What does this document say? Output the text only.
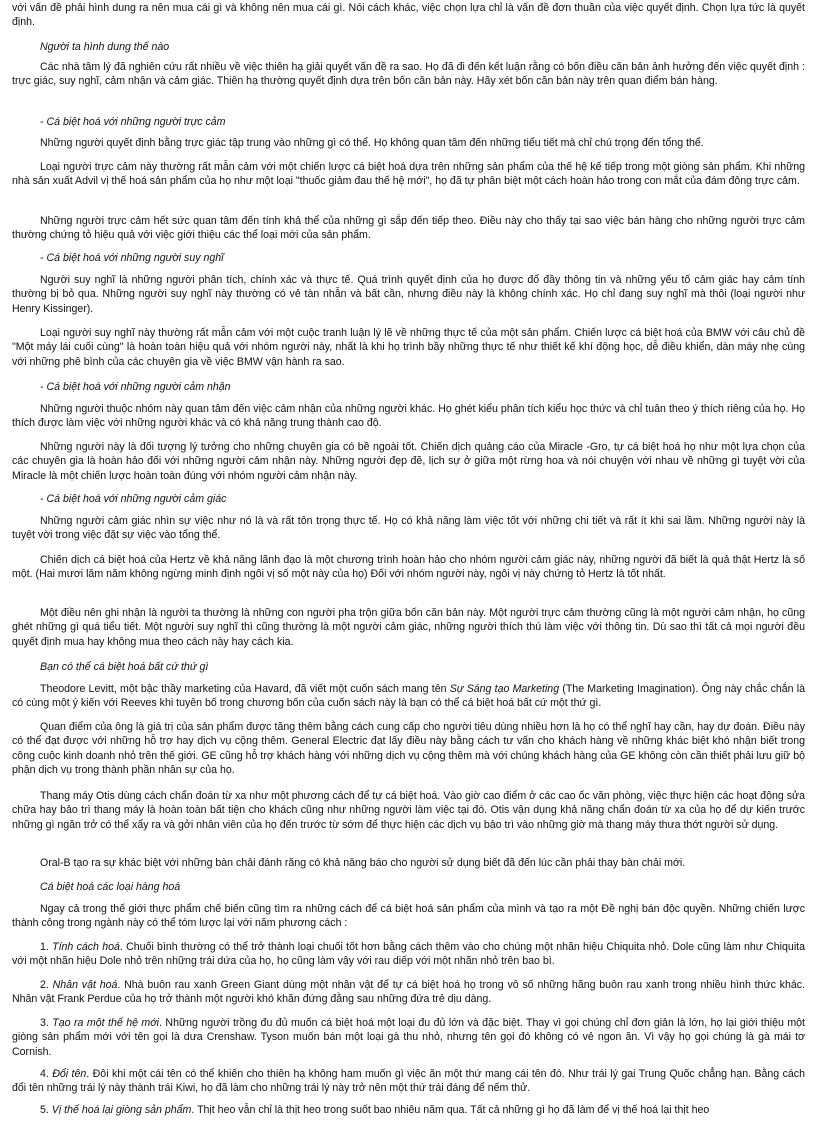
với vấn đề phải hình dung ra nên mua cái gì và không nên mua cái gì. Nói cách khác, việc chọn lựa chỉ là vấn đề đơn thuần của việc quyết định. Chọn lựa tức là quyết định.

Người ta hình dung thế nào

Các nhà tâm lý đã nghiên cứu rất nhiều về việc thiên hạ giải quyết vấn đề ra sao. Họ đã đi đến kết luận rằng có bốn điều căn bản ảnh hưởng đến việc quyết định : trực giác, suy nghĩ, cảm nhận và cảm giác. Thiên hạ thường quyết định dựa trên bốn căn bản này. Hãy xét bốn căn bản này trên quan điểm bán hàng.

- Cá biệt hoá với những người trực cảm

Những người quyết định bằng trực giác tập trung vào những gì có thể. Họ không quan tâm đến những tiểu tiết mà chỉ chú trọng đến tổng thể.

Loại người trực cảm này thường rất mẫn cảm với một chiến lược cá biệt hoá dựa trên những sản phẩm của thế hệ kế tiếp trong một giòng sản phẩm. Khi những nhà sản xuất Advil vị thế hoá sản phẩm của họ như một loại "thuốc giảm đau thế hệ mới", họ đã tự phân biệt một cách hoàn hảo trong con mắt của đám đông trực cảm.

Những người trực cảm hết sức quan tâm đến tính khả thể của những gì sắp đến tiếp theo. Điều này cho thấy tại sao việc bán hàng cho những người trực cảm thường chứng tỏ hiệu quả với việc giới thiệu các thể loại mới của sản phẩm.

- Cá biệt hoá với những người suy nghĩ

Người suy nghĩ là những người phân tích, chính xác và thực tế. Quá trình quyết định của họ được đổ đầy thông tin và những yếu tố cảm giác hay cảm tính thường bị bỏ qua. Những người suy nghĩ này thường có vẻ tàn nhẫn và bất cần, nhưng điều này là không chính xác. Họ chỉ đang suy nghĩ mà thôi (loại người như Henry Kissinger).

Loại người suy nghĩ này thường rất mẫn cảm với một cuộc tranh luận lý lẽ về những thực tế của một sản phẩm. Chiến lược cá biệt hoá của BMW với câu chủ đề "Một máy lái cuối cùng" là hoàn toàn hiệu quả với nhóm người này, nhất là khi họ trình bầy những thực tế như thiết kế khí động học, dễ điều khiển, dàn máy nhẹ cùng với những phê bình của các chuyên gia về việc BMW vận hành ra sao.

- Cá biệt hoá với những người cảm nhận

Những người thuộc nhóm này quan tâm đến việc cảm nhận của những người khác. Họ ghét kiểu phân tích kiểu học thức và chỉ tuân theo ý thích riêng của họ. Họ thích được làm việc với những người khác và có khả năng trung thành cao độ.

Những người này là đối tượng lý tưởng cho những chuyên gia có bề ngoài tốt. Chiến dịch quảng cáo của Miracle -Gro, tự cá biệt hoá họ như một lựa chọn của các chuyên gia là hoàn hảo đối với những người cảm nhận này. Những người đẹp đẽ, lịch sự ở giữa một rừng hoa và nói chuyện với nhau về những gì tuyệt vời của Miracle là một chiến lược hoàn toàn đúng với nhóm người cảm nhận này.

- Cá biệt hoá với những người cảm giác

Những người cảm giác nhìn sự việc như nó là và rất tôn trọng thực tế. Họ có khả năng làm việc tốt với những chi tiết và rất ít khi sai lầm. Những người này là tuyệt vời trong việc đặt sự việc vào tổng thể.

Chiến dịch cá biệt hoá của Hertz về khả năng lãnh đạo là một chương trình hoàn hảo cho nhóm người cảm giác này, những người đã biết là quả thật Hertz là số một. (Hai mươi lăm năm không ngừng minh định ngôi vị số một này của họ) Đối với nhóm người này, ngôi vị này chứng tỏ Hertz là tốt nhất.

Một điều nên ghi nhận là người ta thường là những con người pha trộn giữa bốn căn bản này. Một người trực cảm thường cũng là một người cảm nhận, họ cũng ghét những gì quá tiểu tiết. Một người suy nghĩ thì cũng thường là một người cảm giác, những người thích thú làm việc với thông tin. Dù sao thì tất cả mọi người đều quyết định mua hay không mua theo cách này hay cách kia.

Bạn có thể cá biệt hoá bất cứ thứ gì

Theodore Levitt, một bậc thầy marketing của Havard, đã viết một cuốn sách mang tên Sự Sáng tạo Marketing (The Marketing Imagination). Ông này chắc chắn là có cùng một ý kiến với Reeves khi tuyên bố trong chương bốn của cuốn sách này là bạn có thể cá biệt hoá bất cứ một thứ gì.

Quan điểm của ông là giá trị của sản phẩm được tăng thêm bằng cách cung cấp cho người tiêu dùng nhiều hơn là họ có thể nghĩ hay cần, hay dự đoán. Điều này có thể đạt được với những hỗ trợ hay dịch vụ cộng thêm. General Electric đạt lấy điều này bằng cách tư vấn cho khách hàng về những khác biệt khó nhận biết trong công cuộc kinh doanh nhỏ trên thế giới. GE cũng hỗ trợ khách hàng với những dịch vụ cộng thêm mà với chúng khách hàng của GE không còn cần thiết phải lưu giữ bộ phận dịch vụ trong thành phần nhân sự của họ.

Thang máy Otis dùng cách chẩn đoán từ xa như một phương cách để tự cá biệt hoá. Vào giờ cao điểm ở các cao ốc văn phòng, việc thực hiện các hoạt động sửa chữa hay bảo trì thang máy là hoàn toàn bất tiện cho khách cũng như những người làm việc tại đó. Otis vận dụng khả năng chẩn đoán từ xa của họ để dự kiến trước những gì ngăn trở có thể xẩy ra và gởi nhân viên của họ đến trước từ sớm để thực hiện các dịch vụ bảo trì vào những giờ mà thang máy thưa thớt người sử dụng.

Oral-B tạo ra sự khác biệt với những bàn chải đánh răng có khả năng báo cho người sử dụng biết đã đến lúc cần phải thay bàn chải mới.

Cá biệt hoá các loại hàng hoá

Ngay cả trong thế giới thực phẩm chế biến cũng tìm ra những cách để cá biệt hoá sản phẩm của mình và tạo ra một Đề nghị bán độc quyền. Những chiến lược thành công trong ngành này có thể tóm lược lại với năm phương cách :

1. Tính cách hoá. Chuối bình thường có thể trở thành loại chuối tốt hơn bằng cách thêm vào cho chúng một nhãn hiệu Chiquita nhỏ. Dole cũng làm như Chiquita với một nhãn hiệu Dole nhỏ trên những trái dứa của họ, họ cũng làm vậy với rau diếp với một nhãn nhỏ trên bao bì.

2. Nhân vật hoá. Nhà buôn rau xanh Green Giant dùng một nhân vật để tự cá biệt hoá họ trong vô số những hãng buôn rau xanh trong nhiều hình thức khác. Nhân vật Frank Perdue của họ trở thành một người khó khăn đứng đằng sau những đứa trẻ dịu dàng.

3. Tạo ra một thế hệ mới. Những người trồng đu đủ muốn cá biệt hoá một loại đu đủ lớn và đặc biệt. Thay vì gọi chúng chỉ đơn giản là lớn, họ lại giới thiệu một giòng sản phẩm mới với tên gọi là dưa Crenshaw. Tyson muốn bán một loại gà thu nhỏ, nhưng tên gọi đó không có vẻ ngon ăn. Vì vậy họ gọi chúng là gà mái tơ Cornish.

4. Đổi tên. Đôi khi một cái tên có thể khiến cho thiên hạ không ham muốn gì việc ăn một thứ mang cái tên đó. Như trái lý gai Trung Quốc chẳng hạn. Bằng cách đổi tên những trái lý này thành trái Kiwi, họ đã làm cho những trái lý này trở nên một thứ trái đáng để nếm thử.

5. Vị thế hoá lại giòng sản phẩm. Thịt heo vẫn chỉ là thịt heo trong suốt bao nhiêu năm qua. Tất cả những gì họ đã làm để vị thế hoá lại thịt heo
